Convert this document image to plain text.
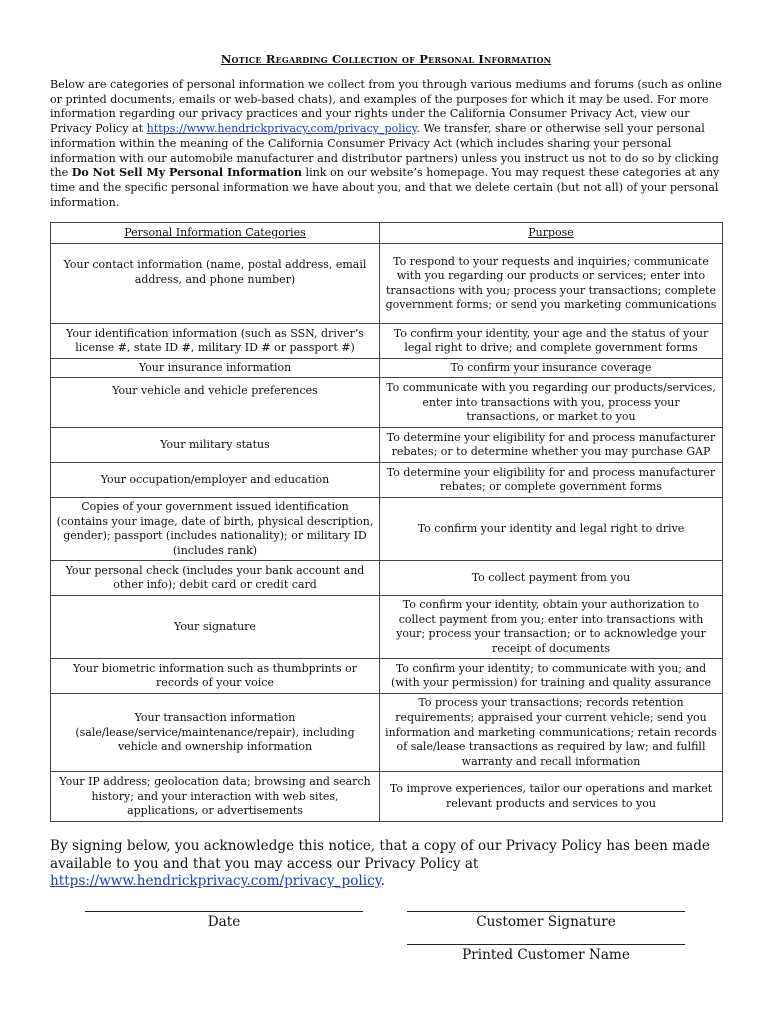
Notice Regarding Collection of Personal Information

Below are categories of personal information we collect from you through various mediums and forums (such as online or printed documents, emails or web-based chats), and examples of the purposes for which it may be used. For more information regarding our privacy practices and your rights under the California Consumer Privacy Act, view our Privacy Policy at https://www.hendrickprivacy.com/privacy_policy. We transfer, share or otherwise sell your personal information within the meaning of the California Consumer Privacy Act (which includes sharing your personal information with our automobile manufacturer and distributor partners) unless you instruct us not to do so by clicking the Do Not Sell My Personal Information link on our website’s homepage. You may request these categories at any time and the specific personal information we have about you, and that we delete certain (but not all) of your personal information.

Personal Information Categories	Purpose
Your contact information (name, postal address, email address, and phone number)	To respond to your requests and inquiries; communicate with you regarding our products or services; enter into transactions with you; process your transactions; complete government forms; or send you marketing communications
Your identification information (such as SSN, driver’s license #, state ID #, military ID # or passport #)	To confirm your identity, your age and the status of your legal right to drive; and complete government forms
Your insurance information	To confirm your insurance coverage
Your vehicle and vehicle preferences	To communicate with you regarding our products/services, enter into transactions with you, process your transactions, or market to you
Your military status	To determine your eligibility for and process manufacturer rebates; or to determine whether you may purchase GAP
Your occupation/employer and education	To determine your eligibility for and process manufacturer rebates; or complete government forms
Copies of your government issued identification (contains your image, date of birth, physical description, gender); passport (includes nationality); or military ID (includes rank)	To confirm your identity and legal right to drive
Your personal check (includes your bank account and other info); debit card or credit card	To collect payment from you
Your signature	To confirm your identity, obtain your authorization to collect payment from you; enter into transactions with your; process your transaction; or to acknowledge your receipt of documents
Your biometric information such as thumbprints or records of your voice	To confirm your identity; to communicate with you; and (with your permission) for training and quality assurance
Your transaction information (sale/lease/service/maintenance/repair), including vehicle and ownership information	To process your transactions; records retention requirements; appraised your current vehicle; send you information and marketing communications; retain records of sale/lease transactions as required by law; and fulfill warranty and recall information
Your IP address; geolocation data; browsing and search history; and your interaction with web sites, applications, or advertisements	To improve experiences, tailor our operations and market relevant products and services to you

By signing below, you acknowledge this notice, that a copy of our Privacy Policy has been made available to you and that you may access our Privacy Policy at https://www.hendrickprivacy.com/privacy_policy.

Date	Customer Signature
Printed Customer Name
